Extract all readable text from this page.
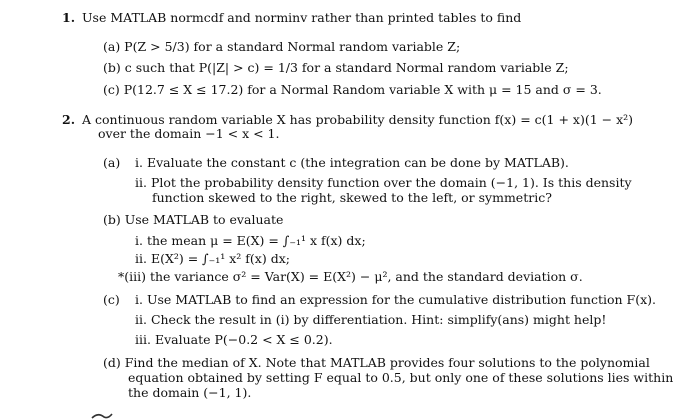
1. Use MATLAB normcdf and norminv rather than printed tables to find
(a) P(Z > 5/3) for a standard Normal random variable Z;
(b) c such that P(|Z| > c) = 1/3 for a standard Normal random variable Z;
(c) P(12.7 ≤ X ≤ 17.2) for a Normal Random variable X with μ = 15 and σ = 3.
2. A continuous random variable X has probability density function f(x) = c(1 + x)(1 − x²)
over the domain −1 < x < 1.
(a) i. Evaluate the constant c (the integration can be done by MATLAB).
ii. Plot the probability density function over the domain (−1, 1). Is this density
function skewed to the right, skewed to the left, or symmetric?
(b) Use MATLAB to evaluate
i. the mean μ = E(X) = ∫₋₁¹ x f(x) dx;
ii. E(X²) = ∫₋₁¹ x² f(x) dx;
*(iii) the variance σ² = Var(X) = E(X²) − μ², and the standard deviation σ.
(c) i. Use MATLAB to find an expression for the cumulative distribution function F(x).
ii. Check the result in (i) by differentiation. Hint: simplify(ans) might help!
iii. Evaluate P(−0.2 < X ≤ 0.2).
(d) Find the median of X. Note that MATLAB provides four solutions to the polynomial
equation obtained by setting F equal to 0.5, but only one of these solutions lies within
the domain (−1, 1).
